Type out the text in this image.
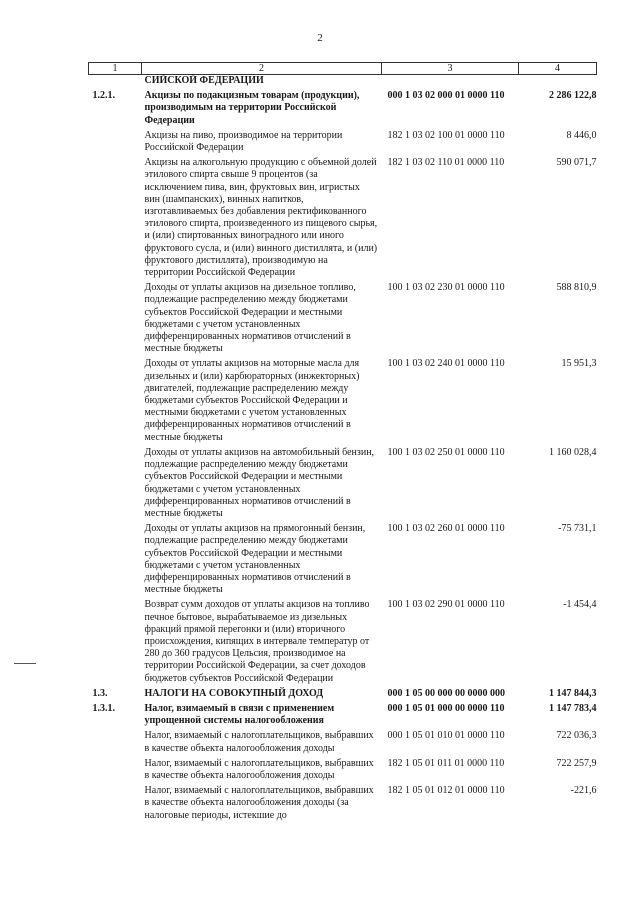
2
1	2	3	4
	СИЙСКОЙ ФЕДЕРАЦИИ		
1.2.1.	Акцизы по подакцизным товарам (продукции), производимым на территории Российской Федерации	000 1 03 02 000 01 0000 110	2 286 122,8
	Акцизы на пиво, производимое на территории Российской Федерации	182 1 03 02 100 01 0000 110	8 446,0
	Акцизы на алкогольную продукцию с объемной долей этилового спирта свыше 9 процентов (за исключением пива, вин, фруктовых вин, игристых вин (шампанских), винных напитков, изготавливаемых без добавления ректификованного этилового спирта, произведенного из пищевого сырья, и (или) спиртованных виноградного или иного фруктового сусла, и (или) винного дистиллята, и (или) фруктового дистиллята), производимую на территории Российской Федерации	182 1 03 02 110 01 0000 110	590 071,7
	Доходы от уплаты акцизов на дизельное топливо, подлежащие распределению между бюджетами субъектов Российской Федерации и местными бюджетами с учетом установленных дифференцированных нормативов отчислений в местные бюджеты	100 1 03 02 230 01 0000 110	588 810,9
	Доходы от уплаты акцизов на моторные масла для дизельных и (или) карбюраторных (инжекторных) двигателей, подлежащие распределению между бюджетами субъектов Российской Федерации и местными бюджетами с учетом установленных дифференцированных нормативов отчислений в местные бюджеты	100 1 03 02 240 01 0000 110	15 951,3
	Доходы от уплаты акцизов на автомобильный бензин, подлежащие распределению между бюджетами субъектов Российской Федерации и местными бюджетами с учетом установленных дифференцированных нормативов отчислений в местные бюджеты	100 1 03 02 250 01 0000 110	1 160 028,4
	Доходы от уплаты акцизов на прямогонный бензин, подлежащие распределению между бюджетами субъектов Российской Федерации и местными бюджетами с учетом установленных дифференцированных нормативов отчислений в местные бюджеты	100 1 03 02 260 01 0000 110	-75 731,1
	Возврат сумм доходов от уплаты акцизов на топливо печное бытовое, вырабатываемое из дизельных фракций прямой перегонки и (или) вторичного происхождения, кипящих в интервале температур от 280 до 360 градусов Цельсия, производимое на территории Российской Федерации, за счет доходов бюджетов субъектов Российской Федерации	100 1 03 02 290 01 0000 110	-1 454,4
1.3.	НАЛОГИ НА СОВОКУПНЫЙ ДОХОД	000 1 05 00 000 00 0000 000	1 147 844,3
1.3.1.	Налог, взимаемый в связи с применением упрощенной системы налогообложения	000 1 05 01 000 00 0000 110	1 147 783,4
	Налог, взимаемый с налогоплательщиков, выбравших в качестве объекта налогообложения доходы	000 1 05 01 010 01 0000 110	722 036,3
	Налог, взимаемый с налогоплательщиков, выбравших в качестве объекта налогообложения доходы	182 1 05 01 011 01 0000 110	722 257,9
	Налог, взимаемый с налогоплательщиков, выбравших в качестве объекта налогообложения доходы (за налоговые периоды, истекшие до	182 1 05 01 012 01 0000 110	-221,6
